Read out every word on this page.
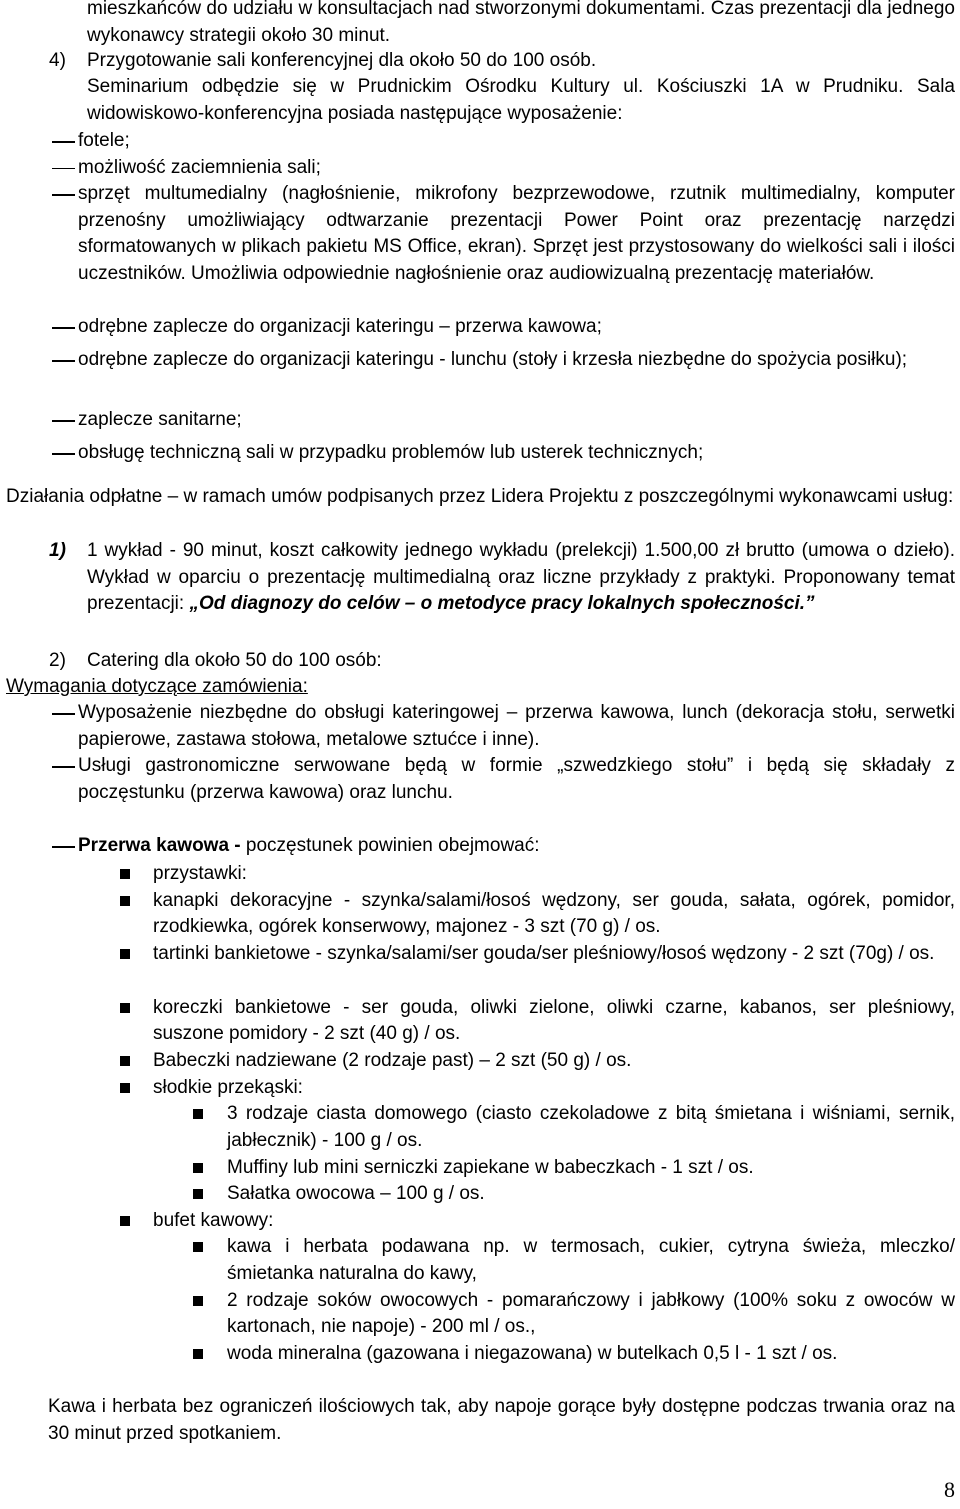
mieszkańców do udziału w konsultacjach nad stworzonymi dokumentami. Czas prezentacji dla jednego wykonawcy strategii około 30 minut.

4) Przygotowanie sali konferencyjnej dla około 50 do 100 osób.

Seminarium odbędzie się w Prudnickim Ośrodku Kultury ul. Kościuszki 1A w Prudniku. Sala widowiskowo-konferencyjna posiada następujące wyposażenie:

fotele;
możliwość zaciemnienia sali;

sprzęt multumedialny (nagłośnienie, mikrofony bezprzewodowe, rzutnik multimedialny, komputer przenośny umożliwiający odtwarzanie prezentacji Power Point oraz prezentację narzędzi sformatowanych w plikach pakietu MS Office, ekran). Sprzęt jest przystosowany do wielkości sali i ilości uczestników. Umożliwia odpowiednie nagłośnienie oraz audiowizualną prezentację materiałów.

odrębne zaplecze do organizacji kateringu – przerwa kawowa;

odrębne zaplecze do organizacji kateringu - lunchu (stoły i krzesła niezbędne do spożycia posiłku);

zaplecze sanitarne;
obsługę techniczną sali w przypadku problemów lub usterek technicznych;

Działania odpłatne – w ramach umów podpisanych przez Lidera Projektu z poszczególnymi wykonawcami usług:

1) 1 wykład - 90 minut, koszt całkowity jednego wykładu (prelekcji) 1.500,00 zł brutto (umowa o dzieło). Wykład w oparciu o prezentację multimedialną oraz liczne przykłady z praktyki. Proponowany temat prezentacji: „Od diagnozy do celów – o metodyce pracy lokalnych społeczności.”

2) Catering dla około 50 do 100 osób:

Wymagania dotyczące zamówienia:

Wyposażenie niezbędne do obsługi kateringowej – przerwa kawowa, lunch (dekoracja stołu, serwetki papierowe, zastawa stołowa, metalowe sztućce i inne).

Usługi gastronomiczne serwowane będą w formie „szwedzkiego stołu” i będą się składały z poczęstunku (przerwa kawowa) oraz lunchu.

Przerwa kawowa - poczęstunek powinien obejmować:
przystawki:

kanapki dekoracyjne - szynka/salami/łosoś wędzony, ser gouda, sałata, ogórek, pomidor, rzodkiewka, ogórek konserwowy, majonez - 3 szt (70 g) / os.

tartinki bankietowe - szynka/salami/ser gouda/ser pleśniowy/łosoś wędzony - 2 szt (70g) / os.

koreczki bankietowe - ser gouda, oliwki zielone, oliwki czarne, kabanos, ser pleśniowy, suszone pomidory - 2 szt (40 g) / os.

Babeczki nadziewane (2 rodzaje past) – 2 szt (50 g) / os.
słodkie przekąski:

3 rodzaje ciasta domowego (ciasto czekoladowe z bitą śmietana i wiśniami, sernik, jabłecznik) - 100 g / os.

Muffiny lub mini serniczki zapiekane w babeczkach - 1 szt / os.
Sałatka owocowa – 100 g / os.
bufet kawowy:

kawa i herbata podawana np. w termosach, cukier, cytryna świeża, mleczko/śmietanka naturalna do kawy,

2 rodzaje soków owocowych - pomarańczowy i jabłkowy (100% soku z owoców w kartonach, nie napoje) - 200 ml / os.,

woda mineralna (gazowana i niegazowana) w butelkach 0,5 l - 1 szt / os.

Kawa i herbata bez ograniczeń ilościowych tak, aby napoje gorące były dostępne podczas trwania oraz na 30 minut przed spotkaniem.

8
